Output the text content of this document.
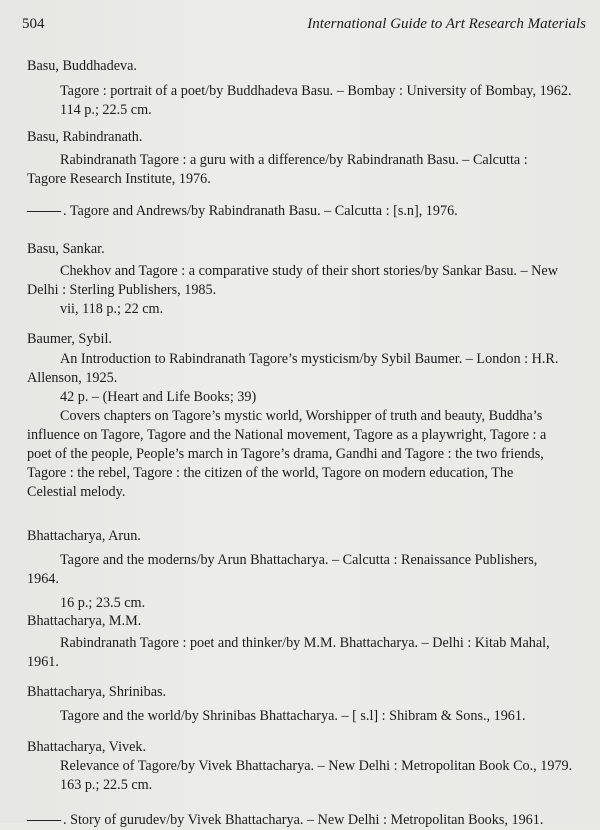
504	International Guide to Art Research Materials

Basu, Buddhadeva.

Tagore : portrait of a poet/by Buddhadeva Basu. – Bombay : University of Bombay, 1962.

114 p.; 22.5 cm.

Basu, Rabindranath.

Rabindranath Tagore : a guru with a difference/by Rabindranath Basu. – Calcutta :

Tagore Research Institute, 1976.

. Tagore and Andrews/by Rabindranath Basu. – Calcutta : [s.n], 1976.

Basu, Sankar.

Chekhov and Tagore : a comparative study of their short stories/by Sankar Basu. – New

Delhi : Sterling Publishers, 1985.

vii, 118 p.; 22 cm.

Baumer, Sybil.

An Introduction to Rabindranath Tagore’s mysticism/by Sybil Baumer. – London : H.R.

Allenson, 1925.

42 p. – (Heart and Life Books; 39)

Covers chapters on Tagore’s mystic world, Worshipper of truth and beauty, Buddha’s

influence on Tagore, Tagore and the National movement, Tagore as a playwright, Tagore : a

poet of the people, People’s march in Tagore’s drama, Gandhi and Tagore : the two friends,

Tagore : the rebel, Tagore : the citizen of the world, Tagore on modern education, The

Celestial melody.

Bhattacharya, Arun.

Tagore and the moderns/by Arun Bhattacharya. – Calcutta : Renaissance Publishers,

1964.

16 p.; 23.5 cm.

Bhattacharya, M.M.

Rabindranath Tagore : poet and thinker/by M.M. Bhattacharya. – Delhi : Kitab Mahal,

1961.

Bhattacharya, Shrinibas.

Tagore and the world/by Shrinibas Bhattacharya. – [ s.l] : Shibram & Sons., 1961.

Bhattacharya, Vivek.

Relevance of Tagore/by Vivek Bhattacharya. – New Delhi : Metropolitan Book Co., 1979.

163 p.; 22.5 cm.

. Story of gurudev/by Vivek Bhattacharya. – New Delhi : Metropolitan Books, 1961.
